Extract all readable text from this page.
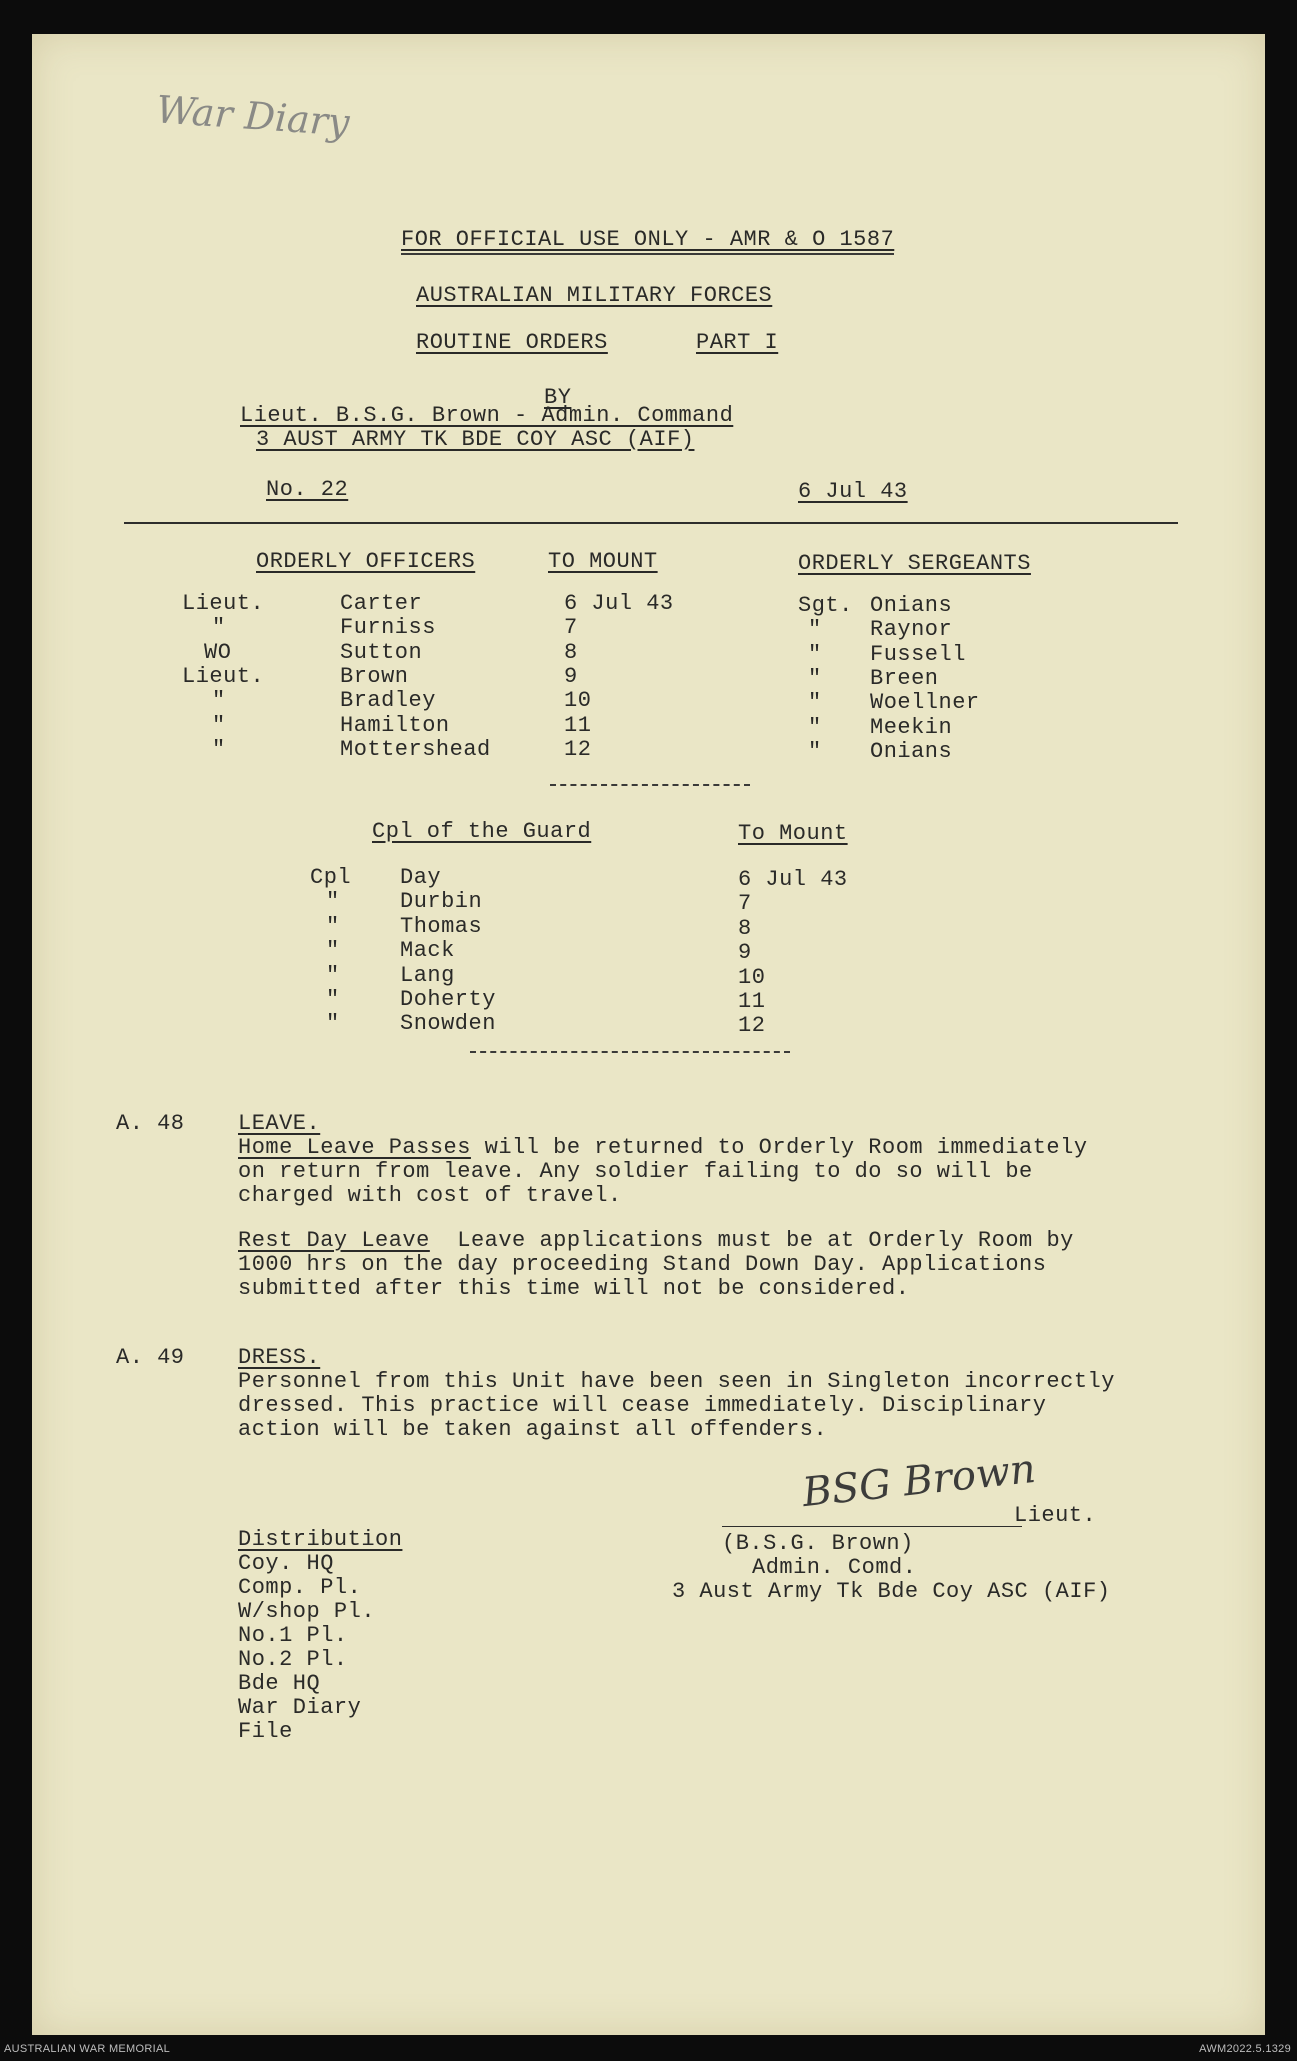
War Diary
FOR OFFICIAL USE ONLY - AMR & O 1587
AUSTRALIAN MILITARY FORCES
ROUTINE ORDERS	PART I
BY
Lieut. B.S.G. Brown - Admin. Command
3 AUST ARMY TK BDE COY ASC (AIF)
No. 22	6 Jul 43
ORDERLY OFFICERS	TO MOUNT	ORDERLY SERGEANTS
Lieut.	Carter	6 Jul 43	Sgt. Onians
"	Furniss	7	" Raynor
WO	Sutton	8	" Fussell
Lieut.	Brown	9	" Breen
"	Bradley	10	" Woellner
"	Hamilton	11	" Meekin
"	Mottershead	12	" Onians
Cpl of the Guard	To Mount
Cpl Day	6 Jul 43
"	Durbin	7
"	Thomas	8
"	Mack	9
"	Lang	10
"	Doherty	11
"	Snowden	12
A. 48 LEAVE.
Home Leave Passes will be returned to Orderly Room immediately
on return from leave. Any soldier failing to do so will be
charged with cost of travel.
Rest Day Leave  Leave applications must be at Orderly Room by
1000 hrs on the day proceeding Stand Down Day. Applications
submitted after this time will not be considered.
A. 49 DRESS.
Personnel from this Unit have been seen in Singleton incorrectly
dressed. This practice will cease immediately. Disciplinary
action will be taken against all offenders.
Distribution
Coy. HQ
Comp. Pl.
W/shop Pl.
No.1 Pl.
No.2 Pl.
Bde HQ
War Diary
File
BSG Brown
Lieut.
(B.S.G. Brown)
Admin. Comd.
3 Aust Army Tk Bde Coy ASC (AIF)
AUSTRALIAN WAR MEMORIAL	AWM2022.5.1329
